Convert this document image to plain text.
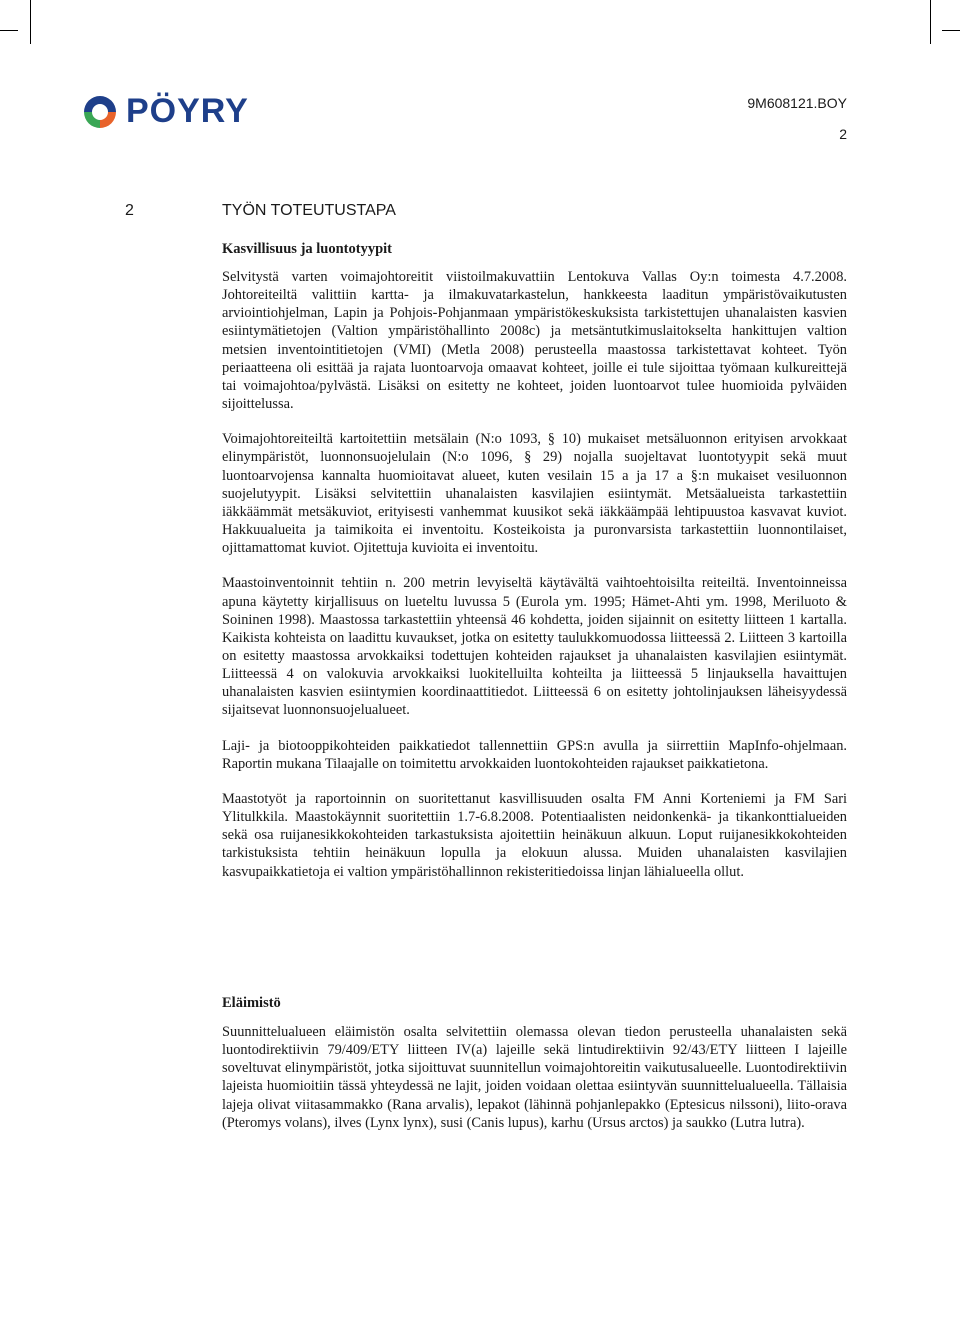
PÖYRY	9M608121.BOY
2
2	TYÖN TOTEUTUSTAPA
Kasvillisuus ja luontotyypit

Selvitystä varten voimajohtoreitit viistoilmakuvattiin Lentokuva Vallas Oy:n toimesta 4.7.2008. Johtoreiteiltä valittiin kartta- ja ilmakuvatarkastelun, hankkeesta laaditun ympäristövaikutusten arviointiohjelman, Lapin ja Pohjois-Pohjanmaan ympäristökeskuksista tarkistettujen uhanalaisten kasvien esiintymätietojen (Valtion ympäristöhallinto 2008c) ja metsäntutkimuslaitokselta hankittujen valtion metsien inventointitietojen (VMI) (Metla 2008) perusteella maastossa tarkistettavat kohteet. Työn periaatteena oli esittää ja rajata luontoarvoja omaavat kohteet, joille ei tule sijoittaa työmaan kulkureittejä tai voimajohtoa/pylvästä. Lisäksi on esitetty ne kohteet, joiden luontoarvot tulee huomioida pylväiden sijoittelussa.

Voimajohtoreiteiltä kartoitettiin metsälain (N:o 1093, § 10) mukaiset metsäluonnon erityisen arvokkaat elinympäristöt, luonnonsuojelulain (N:o 1096, § 29) nojalla suojeltavat luontotyypit sekä muut luontoarvojensa kannalta huomioitavat alueet, kuten vesilain 15 a ja 17 a §:n mukaiset vesiluonnon suojelutyypit. Lisäksi selvitettiin uhanalaisten kasvilajien esiintymät. Metsäalueista tarkastettiin iäkkäämmät metsäkuviot, erityisesti vanhemmat kuusikot sekä iäkkäämpää lehtipuustoa kasvavat kuviot. Hakkuualueita ja taimikoita ei inventoitu. Kosteikoista ja puronvarsista tarkastettiin luonnontilaiset, ojittamattomat kuviot. Ojitettuja kuvioita ei inventoitu.

Maastoinventoinnit tehtiin n. 200 metrin levyiseltä käytävältä vaihtoehtoisilta reiteiltä. Inventoinneissa apuna käytetty kirjallisuus on lueteltu luvussa 5 (Eurola ym. 1995; Hämet-Ahti ym. 1998, Meriluoto & Soininen 1998). Maastossa tarkastettiin yhteensä 46 kohdetta, joiden sijainnit on esitetty liitteen 1 kartalla. Kaikista kohteista on laadittu kuvaukset, jotka on esitetty taulukkomuodossa liitteessä 2. Liitteen 3 kartoilla on esitetty maastossa arvokkaiksi todettujen kohteiden rajaukset ja uhanalaisten kasvilajien esiintymät. Liitteessä 4 on valokuvia arvokkaiksi luokitelluilta kohteilta ja liitteessä 5 linjauksella havaittujen uhanalaisten kasvien esiintymien koordinaattitiedot. Liitteessä 6 on esitetty johtolinjauksen läheisyydessä sijaitsevat luonnonsuojelualueet.

Laji- ja biotooppikohteiden paikkatiedot tallennettiin GPS:n avulla ja siirrettiin MapInfo-ohjelmaan. Raportin mukana Tilaajalle on toimitettu arvokkaiden luontokohteiden rajaukset paikkatietona.

Maastotyöt ja raportoinnin on suoritettanut kasvillisuuden osalta FM Anni Korteniemi ja FM Sari Ylitulkkila. Maastokäynnit suoritettiin 1.7-6.8.2008. Potentiaalisten neidonkenkä- ja tikankonttialueiden sekä osa ruijanesikkokohteiden tarkastuksista ajoitettiin heinäkuun alkuun. Loput ruijanesikkokohteiden tarkistuksista tehtiin heinäkuun lopulla ja elokuun alussa. Muiden uhanalaisten kasvilajien kasvupaikkatietoja ei valtion ympäristöhallinnon rekisteritiedoissa linjan lähialueella ollut.

Eläimistö

Suunnittelualueen eläimistön osalta selvitettiin olemassa olevan tiedon perusteella uhanalaisten sekä luontodirektiivin 79/409/ETY liitteen IV(a) lajeille sekä lintudirektiivin 92/43/ETY liitteen I lajeille soveltuvat elinympäristöt, jotka sijoittuvat suunnitellun voimajohtoreitin vaikutusalueelle. Luontodirektiivin lajeista huomioitiin tässä yhteydessä ne lajit, joiden voidaan olettaa esiintyvän suunnittelualueella. Tällaisia lajeja olivat viitasammakko (Rana arvalis), lepakot (lähinnä pohjanlepakko (Eptesicus nilssoni), liito-orava (Pteromys volans), ilves (Lynx lynx), susi (Canis lupus), karhu (Ursus arctos) ja saukko (Lutra lutra).
